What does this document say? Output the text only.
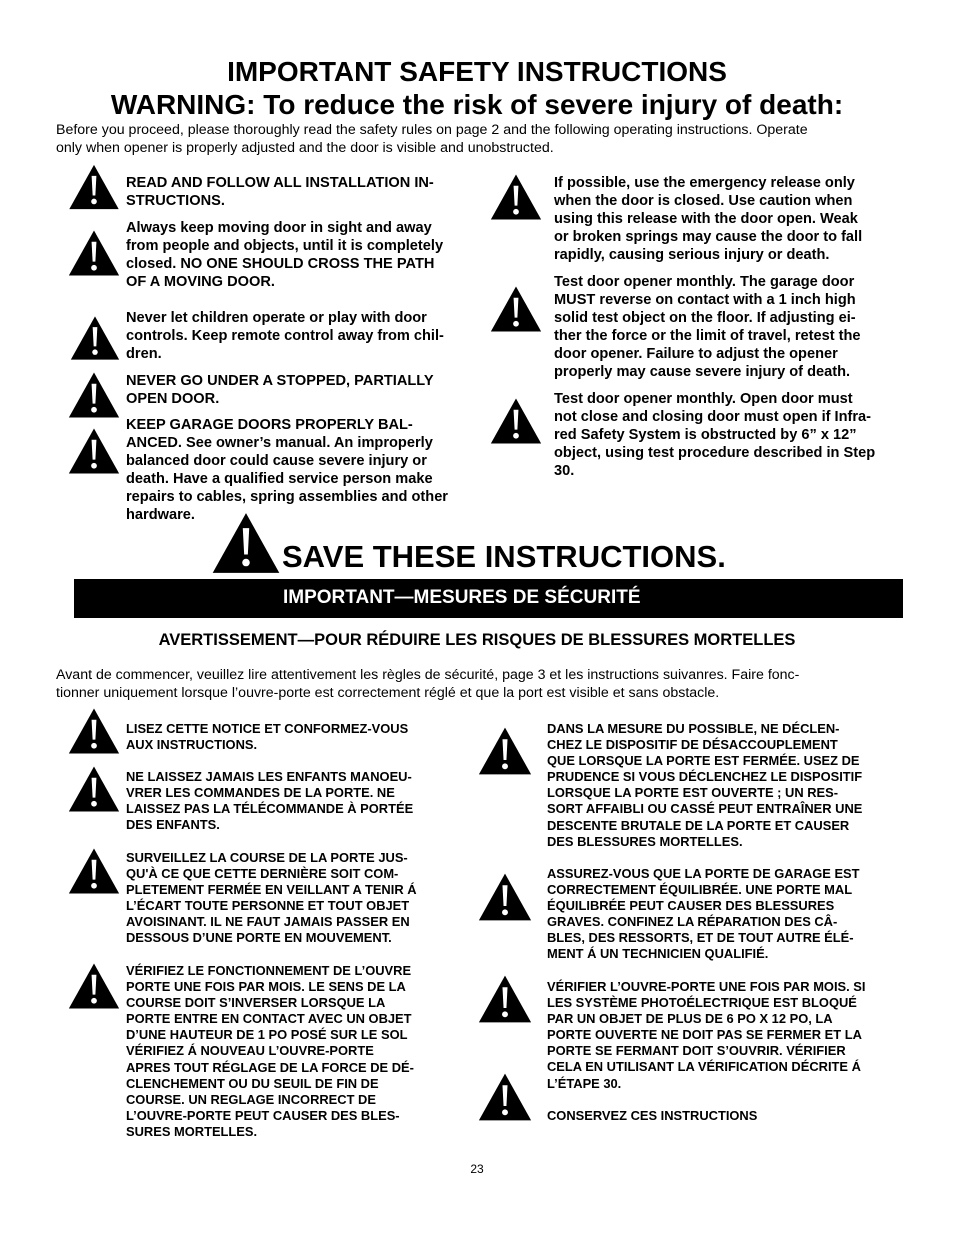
IMPORTANT SAFETY INSTRUCTIONS
WARNING: To reduce the risk of severe injury of death:
Before you proceed, please thoroughly read the safety rules on page 2 and the following operating instructions. Operate
only when opener is properly adjusted and the door is visible and unobstructed.
READ AND FOLLOW ALL INSTALLATION IN-
STRUCTIONS.
Always keep moving door in sight and away
from people and objects, until it is completely
closed. NO ONE SHOULD CROSS THE PATH
OF A MOVING DOOR.
Never let children operate or play with door
controls. Keep remote control away from chil-
dren.
NEVER GO UNDER A STOPPED, PARTIALLY
OPEN DOOR.
KEEP GARAGE DOORS PROPERLY BAL-
ANCED. See owner’s manual. An improperly
balanced door could cause severe injury or
death. Have a qualified service person make
repairs to cables, spring assemblies and other
hardware.
If possible, use the emergency release only
when the door is closed. Use caution when
using this release with the door open. Weak
or broken springs may cause the door to fall
rapidly, causing serious injury or death.
Test door opener monthly. The garage door
MUST reverse on contact with a 1 inch high
solid test object on the floor. If adjusting ei-
ther the force or the limit of travel, retest the
door opener. Failure to adjust the opener
properly may cause severe injury of death.
Test door opener monthly. Open door must
not close and closing door must open if Infra-
red Safety System is obstructed by 6” x 12”
object, using test procedure described in Step
30.
SAVE THESE INSTRUCTIONS.
IMPORTANT—MESURES DE SÉCURITÉ
AVERTISSEMENT—POUR RÉDUIRE LES RISQUES DE BLESSURES MORTELLES
Avant de commencer, veuillez lire attentivement les règles de sécurité, page 3 et les instructions suivanres. Faire fonc-
tionner uniquement lorsque l’ouvre-porte est correctement réglé et que la port est visible et sans obstacle.
LISEZ CETTE NOTICE ET CONFORMEZ-VOUS
AUX INSTRUCTIONS.
NE LAISSEZ JAMAIS LES ENFANTS MANOEU-
VRER LES COMMANDES DE LA PORTE. NE
LAISSEZ PAS LA TÉLÉCOMMANDE À PORTÉE
DES ENFANTS.
SURVEILLEZ LA COURSE DE LA PORTE JUS-
QU'À CE QUE CETTE DERNIÈRE SOIT COM-
PLETEMENT FERMÉE EN VEILLANT A TENIR Á
L’ÉCART TOUTE PERSONNE ET TOUT OBJET
AVOISINANT. IL NE FAUT JAMAIS PASSER EN
DESSOUS D’UNE PORTE EN MOUVEMENT.
VÉRIFIEZ LE FONCTIONNEMENT DE L’OUVRE
PORTE UNE FOIS PAR MOIS. LE SENS DE LA
COURSE DOIT S’INVERSER LORSQUE LA
PORTE ENTRE EN CONTACT AVEC UN OBJET
D’UNE HAUTEUR DE 1 PO POSÉ SUR LE SOL
VÉRIFIEZ Á NOUVEAU L’OUVRE-PORTE
APRES TOUT RÉGLAGE DE LA FORCE DE DÉ-
CLENCHEMENT OU DU SEUIL DE FIN DE
COURSE. UN REGLAGE INCORRECT DE
L’OUVRE-PORTE PEUT CAUSER DES BLES-
SURES MORTELLES.
DANS LA MESURE DU POSSIBLE, NE DÉCLEN-
CHEZ LE DISPOSITIF DE DÉSACCOUPLEMENT
QUE LORSQUE LA PORTE EST FERMÉE. USEZ DE
PRUDENCE SI VOUS DÉCLENCHEZ LE DISPOSITIF
LORSQUE LA PORTE EST OUVERTE ; UN RES-
SORT AFFAIBLI OU CASSÉ PEUT ENTRAÎNER UNE
DESCENTE BRUTALE DE LA PORTE ET CAUSER
DES BLESSURES MORTELLES.
ASSUREZ-VOUS QUE LA PORTE DE GARAGE EST
CORRECTEMENT ÉQUILIBRÉE. UNE PORTE MAL
ÉQUILIBRÉE PEUT CAUSER DES BLESSURES
GRAVES. CONFINEZ LA RÉPARATION DES CÂ-
BLES, DES RESSORTS, ET DE TOUT AUTRE ÉLÉ-
MENT Á UN TECHNICIEN QUALIFIÉ.
VÉRIFIER L’OUVRE-PORTE UNE FOIS PAR MOIS. SI
LES SYSTÈME PHOTOÉLECTRIQUE EST BLOQUÉ
PAR UN OBJET DE PLUS DE 6 PO X 12 PO, LA
PORTE OUVERTE NE DOIT PAS SE FERMER ET LA
PORTE SE FERMANT DOIT S’OUVRIR. VÉRIFIER
CELA EN UTILISANT LA VÉRIFICATION DÉCRITE Á
L’ÉTAPE 30.
CONSERVEZ CES INSTRUCTIONS
23
